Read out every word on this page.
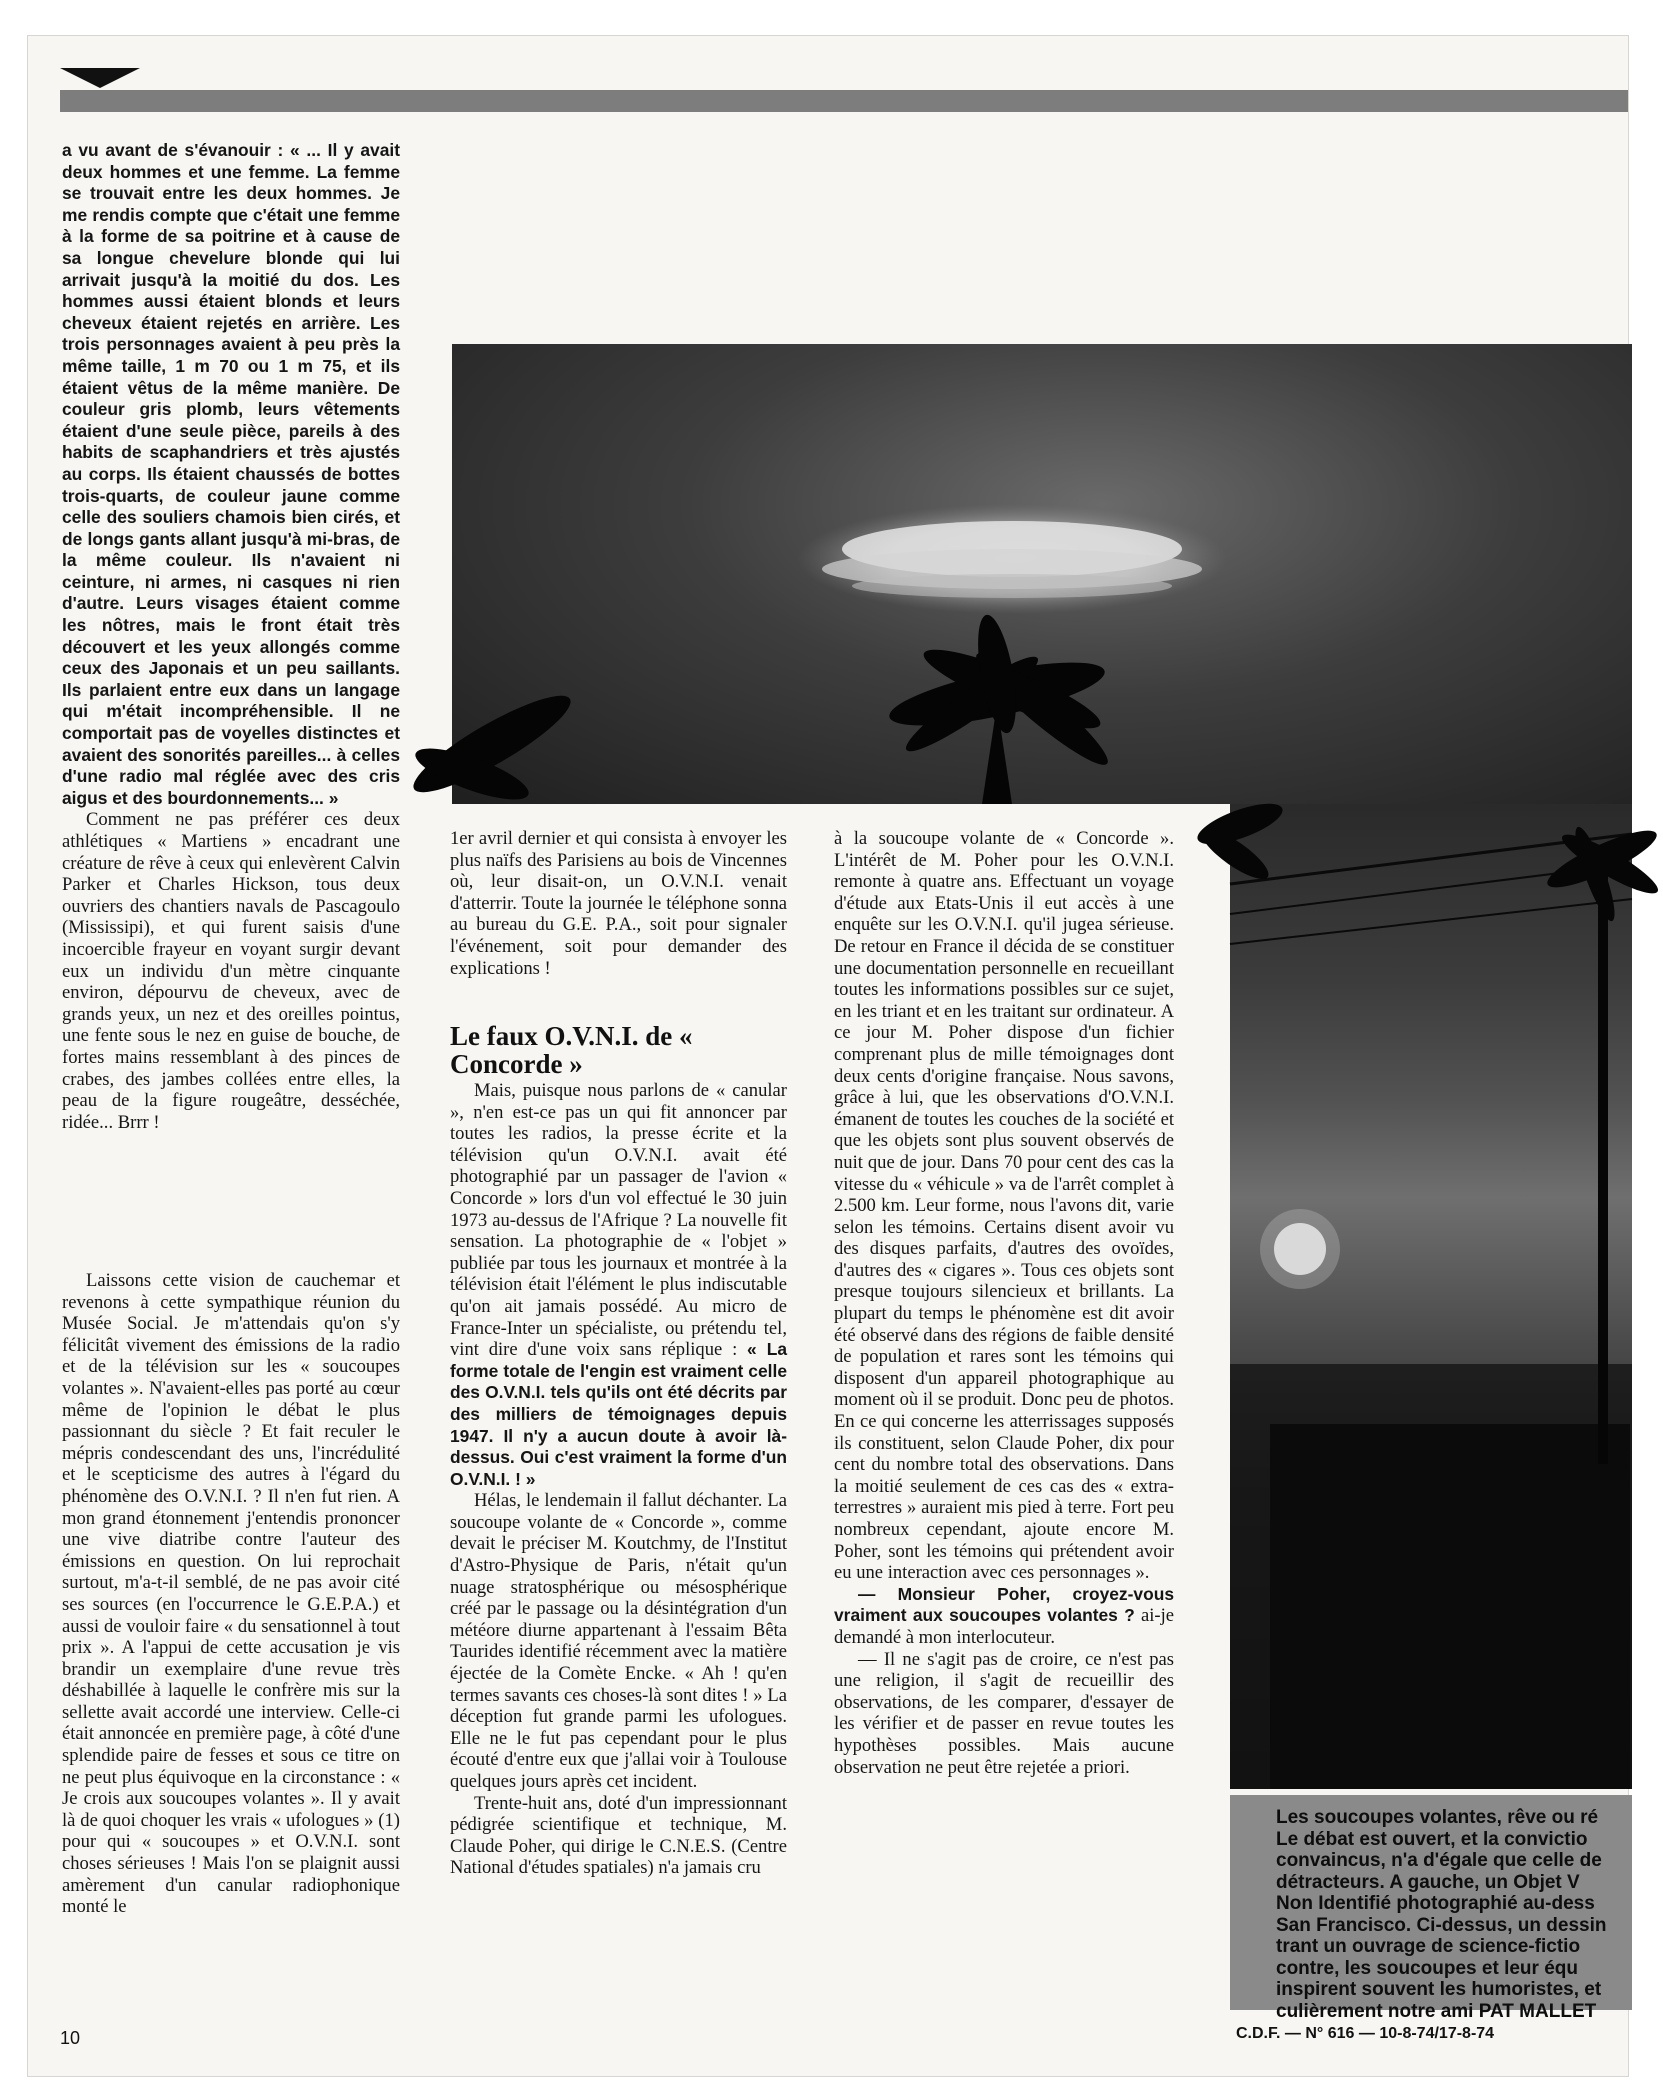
a vu avant de s'évanouir : « ... Il y avait deux hommes et une femme. La femme se trouvait entre les deux hommes. Je me rendis compte que c'était une femme à la forme de sa poitrine et à cause de sa longue chevelure blonde qui lui arrivait jusqu'à la moitié du dos. Les hommes aussi étaient blonds et leurs cheveux étaient rejetés en arrière. Les trois personnages avaient à peu près la même taille, 1 m 70 ou 1 m 75, et ils étaient vêtus de la même manière. De couleur gris plomb, leurs vêtements étaient d'une seule pièce, pareils à des habits de scaphandriers et très ajustés au corps. Ils étaient chaussés de bottes trois-quarts, de couleur jaune comme celle des souliers chamois bien cirés, et de longs gants allant jusqu'à mi-bras, de la même couleur. Ils n'avaient ni ceinture, ni armes, ni casques ni rien d'autre. Leurs visages étaient comme les nôtres, mais le front était très découvert et les yeux allongés comme ceux des Japonais et un peu saillants. Ils parlaient entre eux dans un langage qui m'était incompréhensible. Il ne comportait pas de voyelles distinctes et avaient des sonorités pareilles... à celles d'une radio mal réglée avec des cris aigus et des bourdonnements... »

Comment ne pas préférer ces deux athlétiques « Martiens » encadrant une créature de rêve à ceux qui enlevèrent Calvin Parker et Charles Hickson, tous deux ouvriers des chantiers navals de Pascagoulo (Mississipi), et qui furent saisis d'une incoercible frayeur en voyant surgir devant eux un individu d'un mètre cinquante environ, dépourvu de cheveux, avec de grands yeux, un nez et des oreilles pointus, une fente sous le nez en guise de bouche, de fortes mains ressemblant à des pinces de crabes, des jambes collées entre elles, la peau de la figure rougeâtre, desséchée, ridée... Brrr !

Laissons cette vision de cauchemar et revenons à cette sympathique réunion du Musée Social. Je m'attendais qu'on s'y félicitât vivement des émissions de la radio et de la télévision sur les « soucoupes volantes ». N'avaient-elles pas porté au cœur même de l'opinion le débat le plus passionnant du siècle ? Et fait reculer le mépris condescendant des uns, l'incrédulité et le scepticisme des autres à l'égard du phénomène des O.V.N.I. ? Il n'en fut rien. A mon grand étonnement j'entendis prononcer une vive diatribe contre l'auteur des émissions en question. On lui reprochait surtout, m'a-t-il semblé, de ne pas avoir cité ses sources (en l'occurrence le G.E.P.A.) et aussi de vouloir faire « du sensationnel à tout prix ». A l'appui de cette accusation je vis brandir un exemplaire d'une revue très déshabillée à laquelle le confrère mis sur la sellette avait accordé une interview. Celle-ci était annoncée en première page, à côté d'une splendide paire de fesses et sous ce titre on ne peut plus équivoque en la circonstance : « Je crois aux soucoupes volantes ». Il y avait là de quoi choquer les vrais « ufologues » (1) pour qui « soucoupes » et O.V.N.I. sont choses sérieuses ! Mais l'on se plaignit aussi amèrement d'un canular radiophonique monté le

1er avril dernier et qui consista à envoyer les plus naïfs des Parisiens au bois de Vincennes où, leur disait-on, un O.V.N.I. venait d'atterrir. Toute la journée le téléphone sonna au bureau du G.E. P.A., soit pour signaler l'événement, soit pour demander des explications !

Le faux O.V.N.I. de « Concorde »

Mais, puisque nous parlons de « canular », n'en est-ce pas un qui fit annoncer par toutes les radios, la presse écrite et la télévision qu'un O.V.N.I. avait été photographié par un passager de l'avion « Concorde » lors d'un vol effectué le 30 juin 1973 au-dessus de l'Afrique ? La nouvelle fit sensation. La photographie de « l'objet » publiée par tous les journaux et montrée à la télévision était l'élément le plus indiscutable qu'on ait jamais possédé. Au micro de France-Inter un spécialiste, ou prétendu tel, vint dire d'une voix sans réplique : « La forme totale de l'engin est vraiment celle des O.V.N.I. tels qu'ils ont été décrits par des milliers de témoignages depuis 1947. Il n'y a aucun doute à avoir là-dessus. Oui c'est vraiment la forme d'un O.V.N.I. ! »

Hélas, le lendemain il fallut déchanter. La soucoupe volante de « Concorde », comme devait le préciser M. Koutchmy, de l'Institut d'Astro-Physique de Paris, n'était qu'un nuage stratosphérique ou mésosphérique créé par le passage ou la désintégration d'un météore diurne appartenant à l'essaim Bêta Taurides identifié récemment avec la matière éjectée de la Comète Encke. « Ah ! qu'en termes savants ces choses-là sont dites ! » La déception fut grande parmi les ufologues. Elle ne le fut pas cependant pour le plus écouté d'entre eux que j'allai voir à Toulouse quelques jours après cet incident.

Trente-huit ans, doté d'un impressionnant pédigrée scientifique et technique, M. Claude Poher, qui dirige le C.N.E.S. (Centre National d'études spatiales) n'a jamais cru

à la soucoupe volante de « Concorde ». L'intérêt de M. Poher pour les O.V.N.I. remonte à quatre ans. Effectuant un voyage d'étude aux Etats-Unis il eut accès à une enquête sur les O.V.N.I. qu'il jugea sérieuse. De retour en France il décida de se constituer une documentation personnelle en recueillant toutes les informations possibles sur ce sujet, en les triant et en les traitant sur ordinateur. A ce jour M. Poher dispose d'un fichier comprenant plus de mille témoignages dont deux cents d'origine française. Nous savons, grâce à lui, que les observations d'O.V.N.I. émanent de toutes les couches de la société et que les objets sont plus souvent observés de nuit que de jour. Dans 70 pour cent des cas la vitesse du « véhicule » va de l'arrêt complet à 2.500 km. Leur forme, nous l'avons dit, varie selon les témoins. Certains disent avoir vu des disques parfaits, d'autres des ovoïdes, d'autres des « cigares ». Tous ces objets sont presque toujours silencieux et brillants. La plupart du temps le phénomène est dit avoir été observé dans des régions de faible densité de population et rares sont les témoins qui disposent d'un appareil photographique au moment où il se produit. Donc peu de photos. En ce qui concerne les atterrissages supposés ils constituent, selon Claude Poher, dix pour cent du nombre total des observations. Dans la moitié seulement de ces cas des « extra-terrestres » auraient mis pied à terre. Fort peu nombreux cependant, ajoute encore M. Poher, sont les témoins qui prétendent avoir eu une interaction avec ces personnages ».

— Monsieur Poher, croyez-vous vraiment aux soucoupes volantes ? ai-je demandé à mon interlocuteur.

— Il ne s'agit pas de croire, ce n'est pas une religion, il s'agit de recueillir des observations, de les comparer, d'essayer de les vérifier et de passer en revue toutes les hypothèses possibles. Mais aucune observation ne peut être rejetée a priori.

Les soucoupes volantes, rêve ou ré
Le débat est ouvert, et la convictio
convaincus, n'a d'égale que celle de
détracteurs. A gauche, un Objet V
Non Identifié photographié au-dess
San Francisco. Ci-dessus, un dessin
trant un ouvrage de science-fictio
contre, les soucoupes et leur équ
inspirent souvent les humoristes, et
culièrement notre ami PAT MALLET
10	C.D.F. — N° 616 — 10-8-74/17-8-74
